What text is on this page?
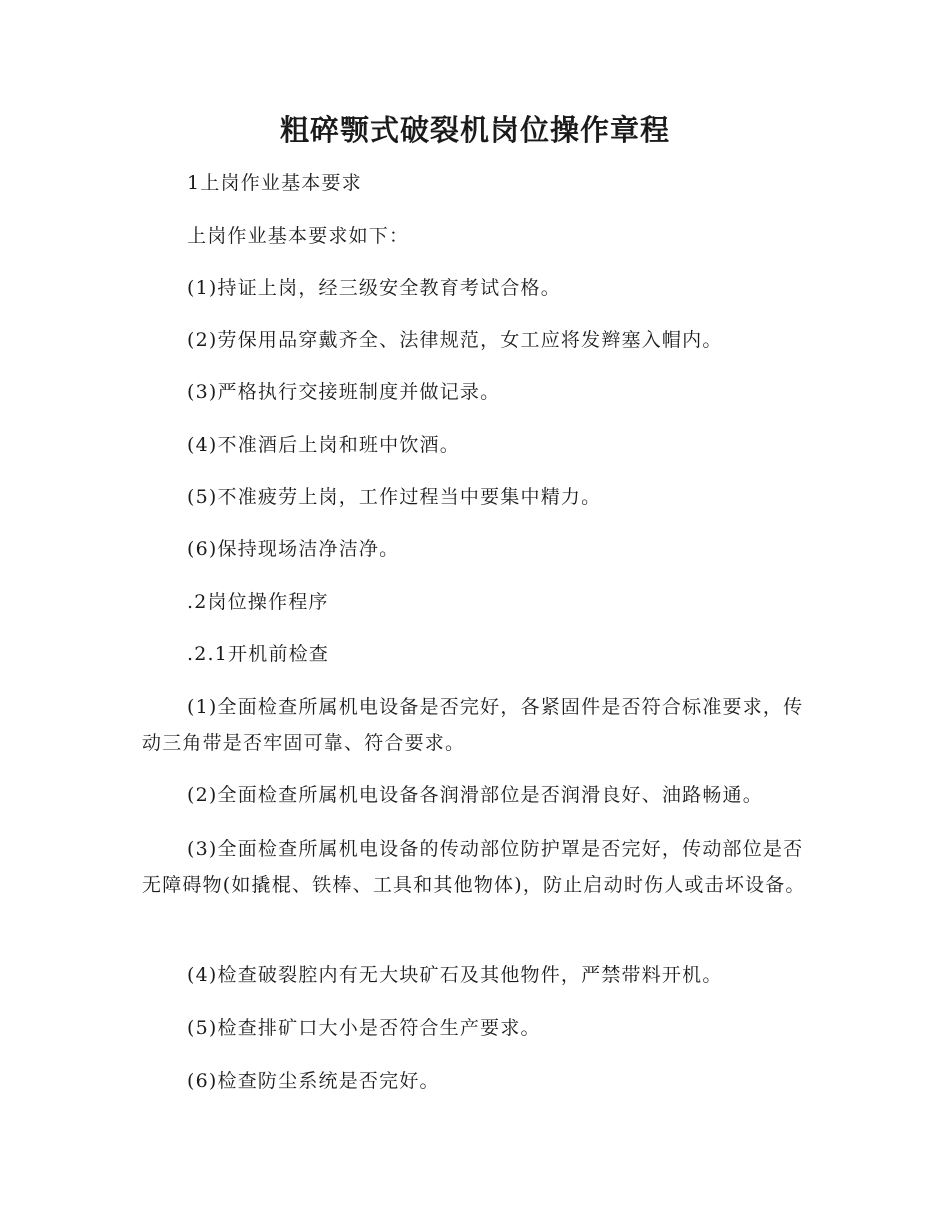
粗碎颚式破裂机岗位操作章程

1上岗作业基本要求

上岗作业基本要求如下：

(1)持证上岗，经三级安全教育考试合格。

(2)劳保用品穿戴齐全、法律规范，女工应将发辫塞入帽内。

(3)严格执行交接班制度并做记录。

(4)不准酒后上岗和班中饮酒。

(5)不准疲劳上岗，工作过程当中要集中精力。

(6)保持现场洁净洁净。

.2岗位操作程序

.2.1开机前检查

(1)全面检查所属机电设备是否完好，各紧固件是否符合标准要求，传动三角带是否牢固可靠、符合要求。

(2)全面检查所属机电设备各润滑部位是否润滑良好、油路畅通。

(3)全面检查所属机电设备的传动部位防护罩是否完好，传动部位是否无障碍物(如撬棍、铁棒、工具和其他物体)，防止启动时伤人或击坏设备。

(4)检查破裂腔内有无大块矿石及其他物件，严禁带料开机。

(5)检查排矿口大小是否符合生产要求。

(6)检查防尘系统是否完好。
